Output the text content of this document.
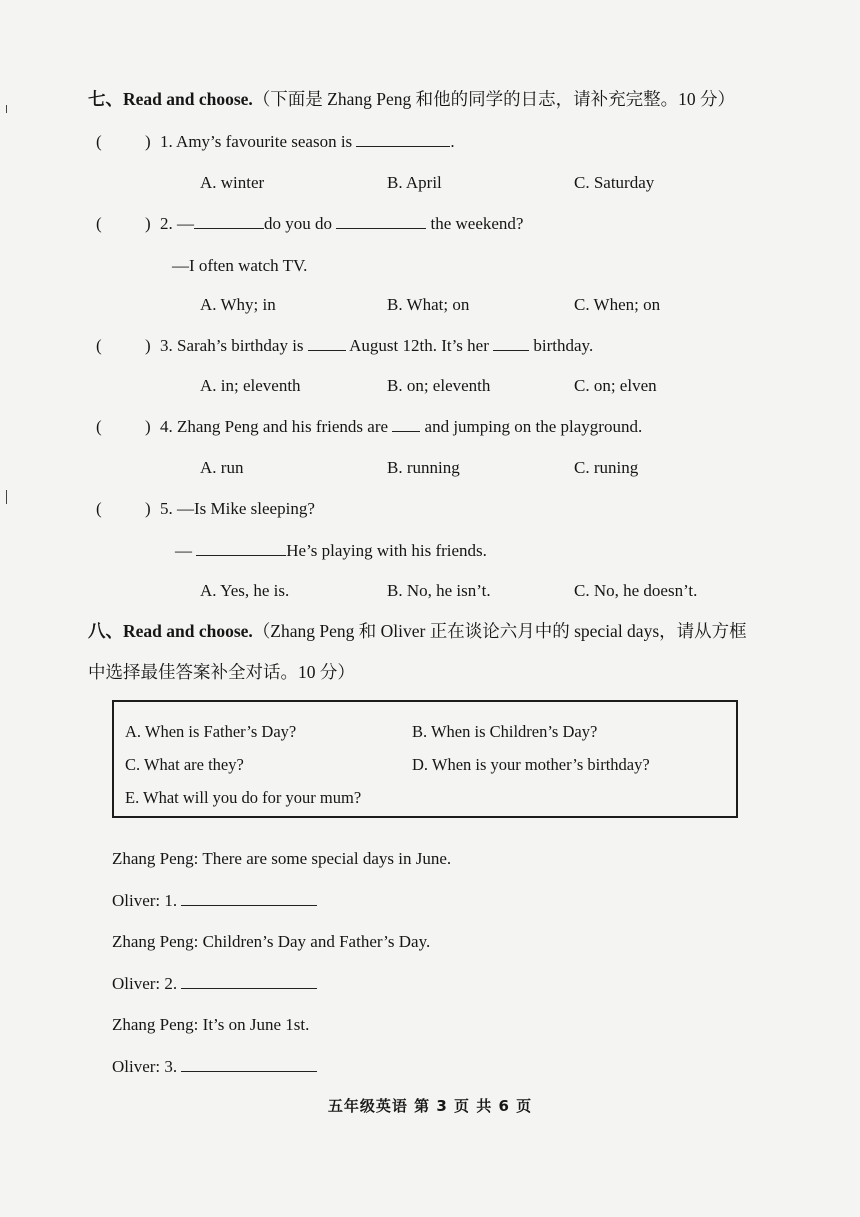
七、Read and choose.（下面是 Zhang Peng 和他的同学的日志，请补充完整。10 分）
(	) 1. Amy’s favourite season is	.
A. winter	B. April	C. Saturday
(	) 2. —	do you do	the weekend?
—I often watch TV.
A. Why; in	B. What; on	C. When; on
(	) 3. Sarah’s birthday is	August 12th. It’s her	birthday.
A. in; eleventh	B. on; eleventh	C. on; elven
(	) 4. Zhang Peng and his friends are and jumping on the playground.
A. run	B. running	C. runing
(	) 5. —Is Mike sleeping?
—	He’s playing with his friends.
A. Yes, he is.	B. No, he isn’t.	C. No, he doesn’t.
八、Read and choose.（Zhang Peng 和 Oliver 正在谈论六月中的 special days，请从方框
中选择最佳答案补全对话。10 分）
A. When is Father’s Day?	B. When is Children’s Day?
C. What are they?	D. When is your mother’s birthday?
E. What will you do for your mum?
Zhang Peng: There are some special days in June.
Oliver: 1.
Zhang Peng: Children’s Day and Father’s Day.
Oliver: 2.
Zhang Peng: It’s on June 1st.
Oliver: 3.
五年级英语 第 3 页 共 6 页
